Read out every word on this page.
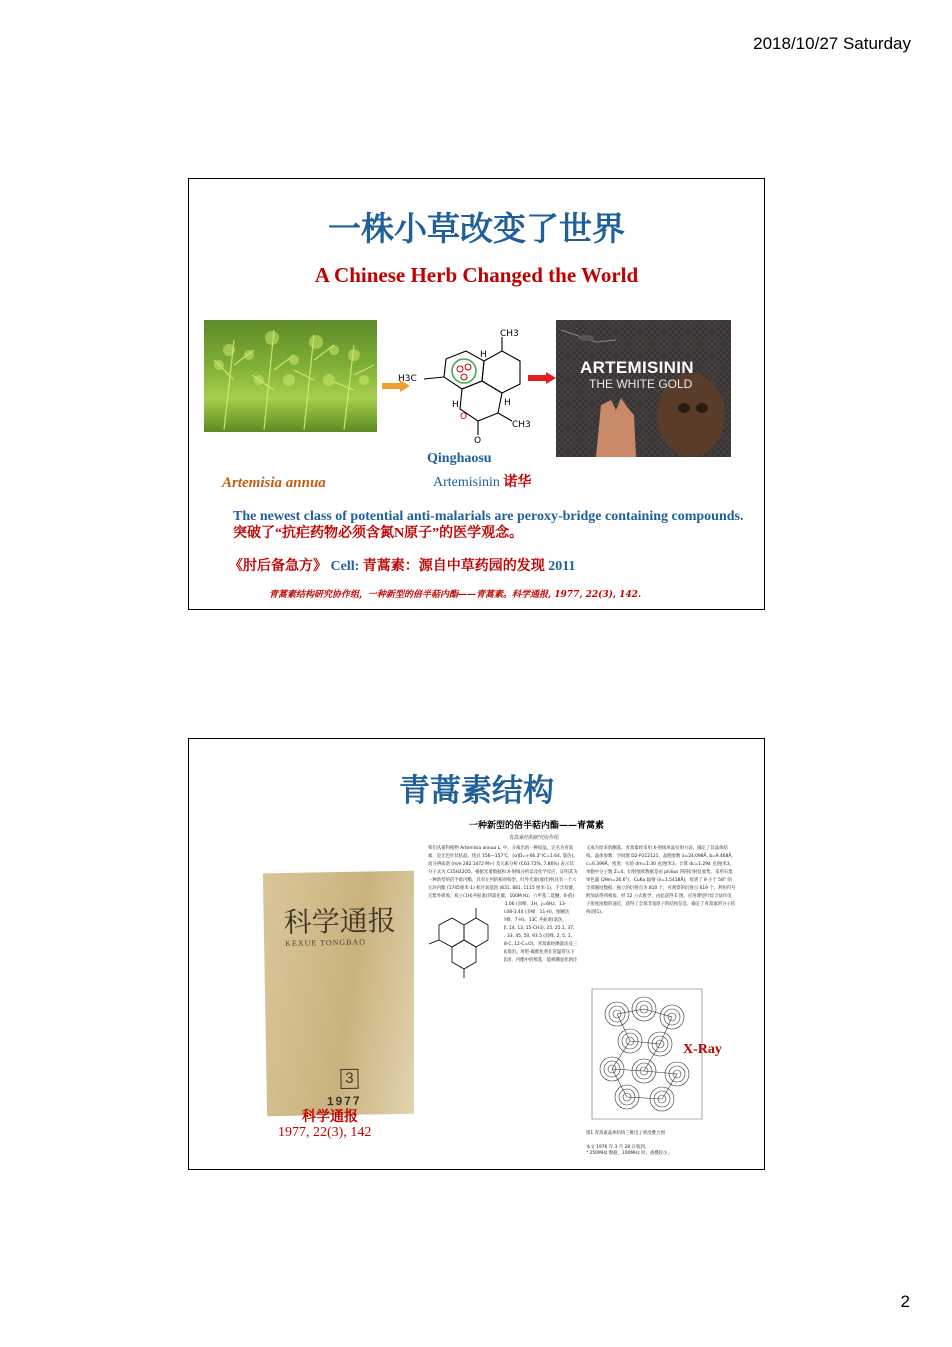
2018/10/27 Saturday
2
一株小草改变了世界
A Chinese Herb Changed the World
CH3
H3C
H
H
H
CH3
O
O
ARTEMISININ
THE WHITE GOLD
Artemisia annua
Qinghaosu
Artemisinin 诺华
The newest class of potential anti-malarials are peroxy-bridge containing compounds. 突破了“抗疟药物必须含氮N原子”的医学观念。
《肘后备急方》 Cell: 青蒿素：源自中草药园的发现 2011
青蒿素结构研究协作组，一种新型的倍半萜内酯——青蒿素。科学通报, 1977, 22(3), 142.
青蒿素结构
科学通报
KEXUE TONGBAO
3
1977
一种新型的倍半萜内酯——青蒿素
青蒿素结构研究协作组
我们从菊科植物 Artemisia annua L. 中，分离出的一种结晶，定名为青蒿素，是无色针状结晶，熔点 156—157℃，[α]D=+66.3°(C=1.64, 氯仿)。高分辨质谱 (m/e 282.1472 M+) 及元素分析 (C63.72%, 7.86%) 表示其分子式为 C15H22O5。根据光谱数据和 X-射线分析以及化学反应，证明其为一种新型的倍半萜内酯，具有左列的相对构型。红外光谱(液化钾)具有一个六元环内酯 (1745厘米-1) 和过氧基团 (831, 881, 1115 厘米-1)，不含双键，无紫外吸收。质子(1H)共振谱(四氯化碳，100M Hz，六甲基二硅醚，δ-值) 0.93 (双峰，3H，J=6Hz，14-CH3)，1.06 (双峰，3H，J=6Hz，13-CH3)，1.36 (单峰，3H，15-CH3)，3.08-3.44 (多峰，11-H)，刚刚达峰，到 1.06 由双峰变为单峰，5.68 (单峰，7-H)。13C 共振谱(氯仿，22.63M Hz，δ-值) 12, 19, 23 (四重峰, 14, 13, 15-CH3), 25, 25.1, 37, 35.5 (三重峰, 4, 3, 10, 9-CH2), 32.5, 33, 45, 50, 93.5 (双峰, 2, 5, 1, 11, 7-CH), 79.5, 105, 172 (单峰, 6, 8-C, 12-C=O)。青蒿素经碘量法及三苯膦定量方法测定，证明分子内存在过氧基团。用钯-碳催化剂在常温常压下催化氢化或用硼氢化钠处理即失去过氧基团，内酯中的羰基，能被硼氢化钠还原。
又成为原来的酮基。青蒿素经采用 X-射线单晶衍射方法，确定了其晶体结构。晶体参数：空间群 D2-P212121，晶胞参数 a=24.098Å, b=9.468Å, c=6.399Å，密度：实验 dm=1.30 克/厘米3，计算 dc=1.294 克/厘米3，单胞中分子数 Z=4。衍射强度数据是由 philips 四圆衍射仪收集，采用石墨单色器 (2θm=26.6°)，CuKα 辐射 (λ=1.5418Å)，收到了 θ 小于 58° 的全部强度数据，独立的衍射点为 810 个，可观察的衍射点 619 个。利用符号附加法得到相角，经 Σ2 公式推导，由此获得 E 图，应用傅里叶综合法作电子密度函数的逼近，获得了全部非氢原子的结构信息，确定了青蒿素的分子结构(图1)。
图1 青蒿素晶体结构三维电子密度叠合图
本文 1976 年 3 月 28 日收到。
* 250MHz 数据，100MHz 时，重叠较小。
科学通报
1977, 22(3), 142
X-Ray
